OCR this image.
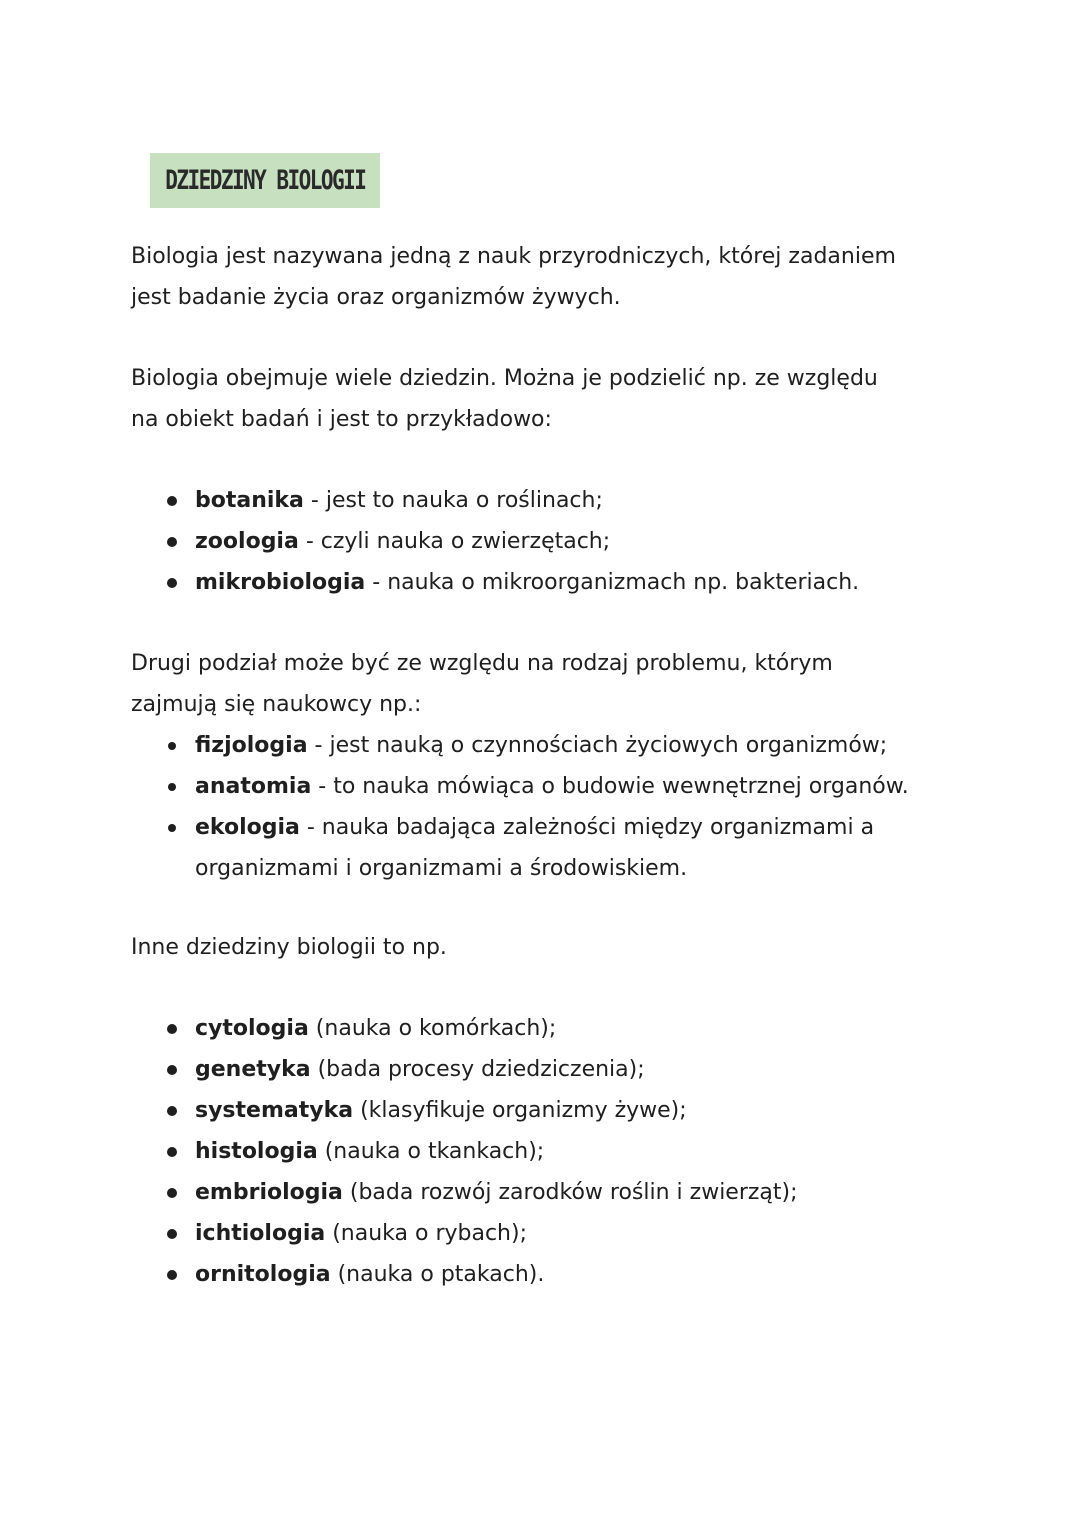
DZIEDZINY BIOLOGII

Biologia jest nazywana jedną z nauk przyrodniczych, której zadaniem
jest badanie życia oraz organizmów żywych.

Biologia obejmuje wiele dziedzin. Można je podzielić np. ze względu
na obiekt badań i jest to przykładowo:

botanika - jest to nauka o roślinach;
zoologia - czyli nauka o zwierzętach;
mikrobiologia - nauka o mikroorganizmach np. bakteriach.

Drugi podział może być ze względu na rodzaj problemu, którym
zajmują się naukowcy np.:

fizjologia - jest nauką o czynnościach życiowych organizmów;
anatomia - to nauka mówiąca o budowie wewnętrznej organów.
ekologia - nauka badająca zależności między organizmami a
organizmami i organizmami a środowiskiem.

Inne dziedziny biologii to np.

cytologia (nauka o komórkach);
genetyka (bada procesy dziedziczenia);
systematyka (klasyfikuje organizmy żywe);
histologia (nauka o tkankach);
embriologia (bada rozwój zarodków roślin i zwierząt);
ichtiologia (nauka o rybach);
ornitologia (nauka o ptakach).
